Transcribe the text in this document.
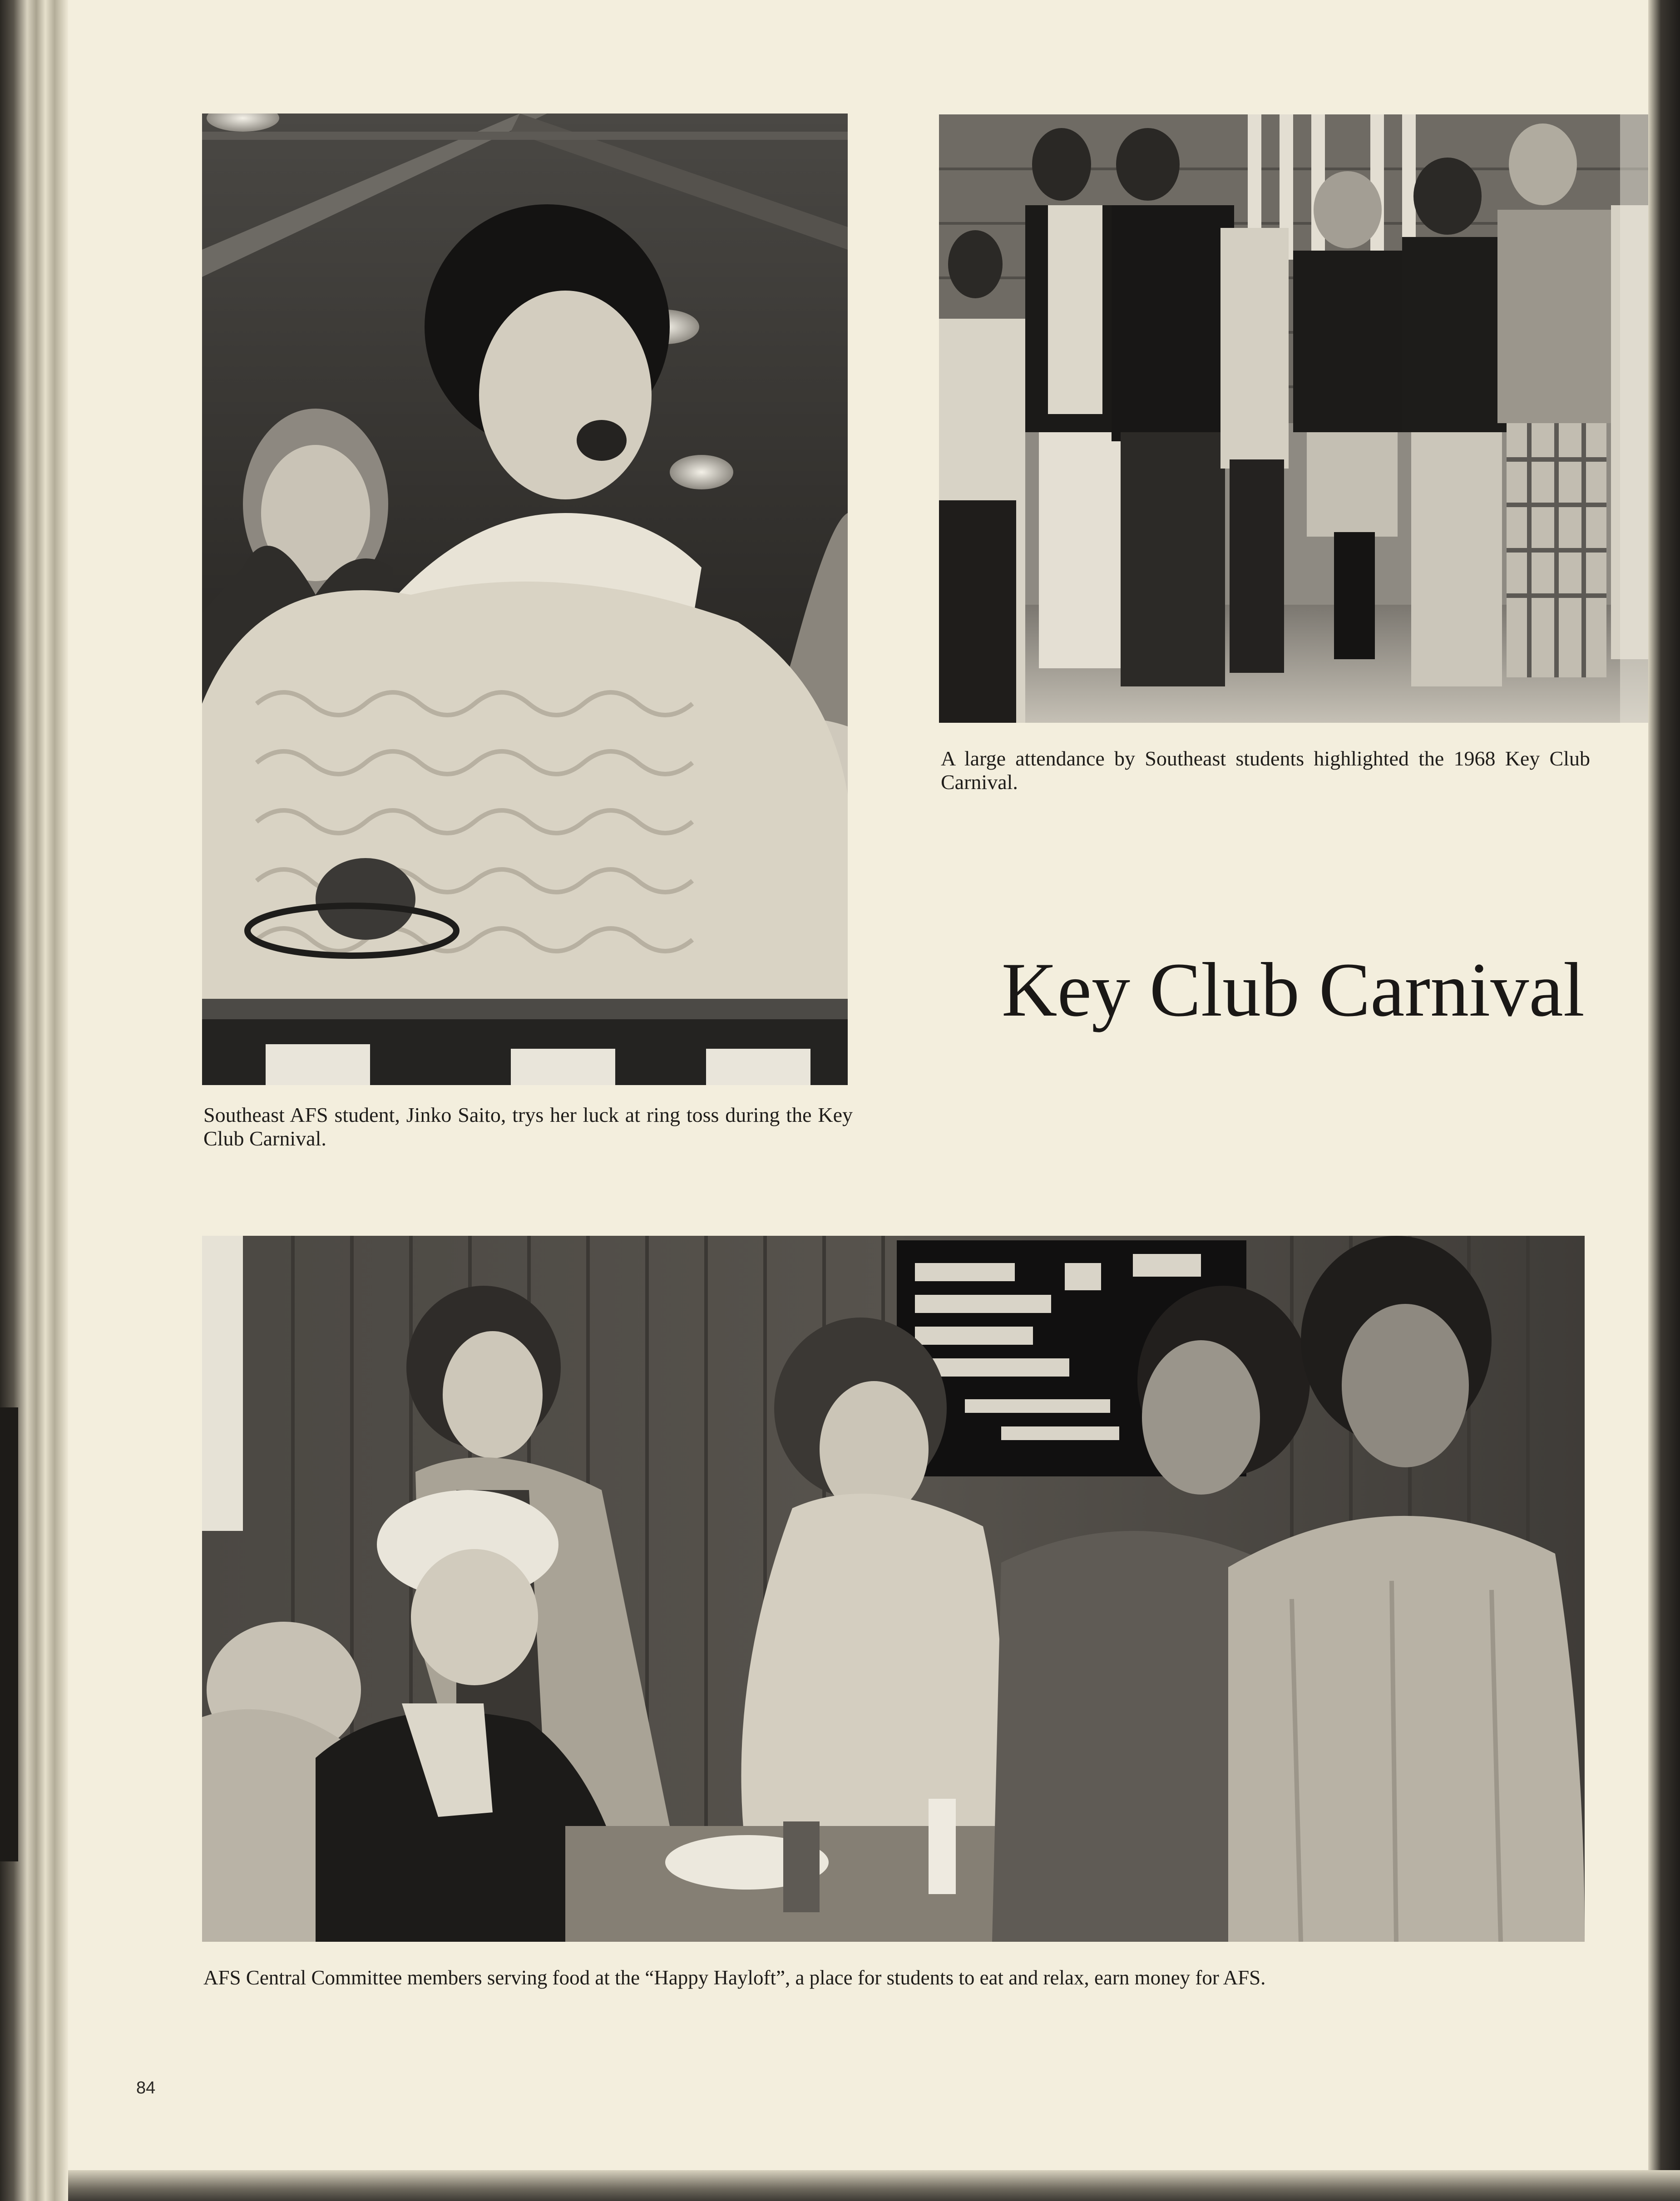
Southeast AFS student, Jinko Saito, trys her luck at ring toss during the Key Club Carnival.

A large attendance by Southeast students highlighted the 1968 Key Club Carnival.

Key Club Carnival

AFS Central Committee members serving food at the “Happy Hayloft”, a place for students to eat and relax, earn money for AFS.

84
